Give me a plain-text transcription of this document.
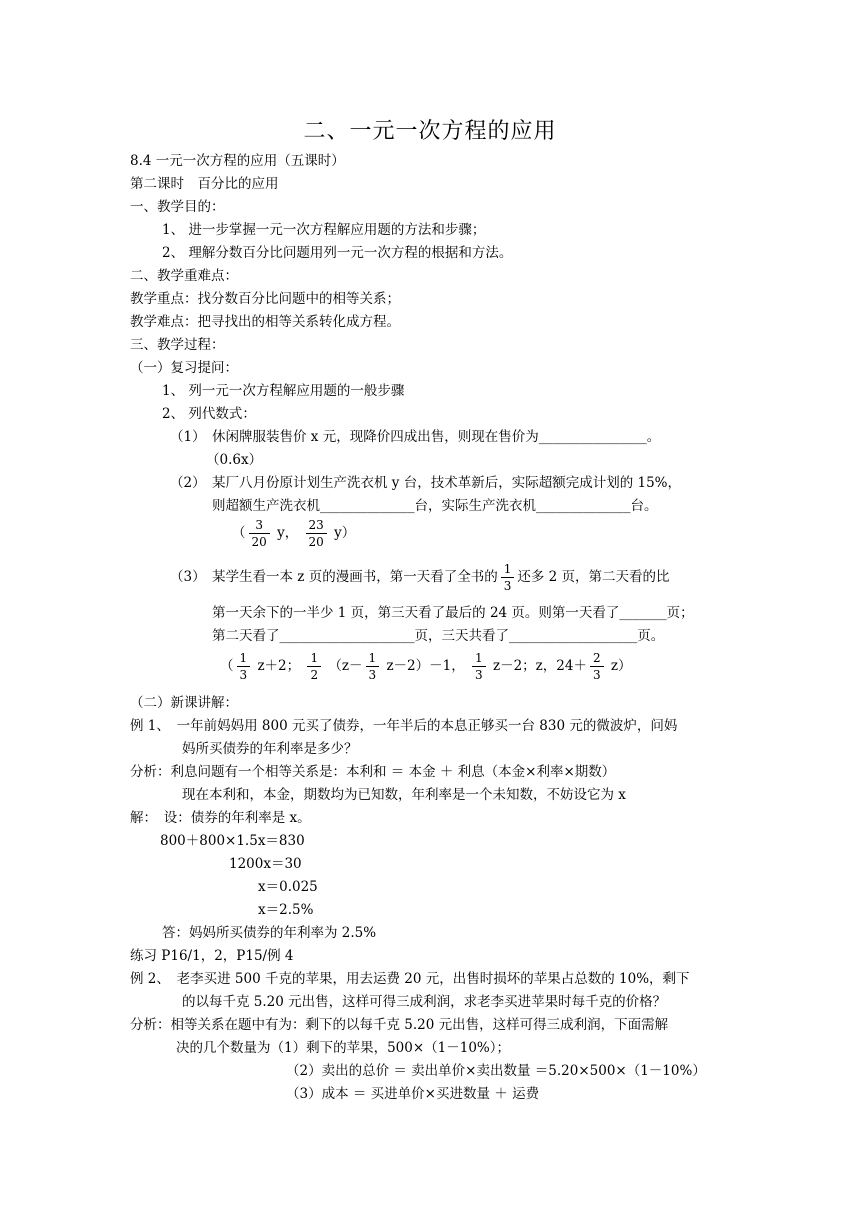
二、一元一次方程的应用
8.4 一元一次方程的应用（五课时）
第二课时　百分比的应用
一、教学目的：
1、 进一步掌握一元一次方程解应用题的方法和步骤；
2、 理解分数百分比问题用列一元一次方程的根据和方法。
二、教学重难点：
教学重点：找分数百分比问题中的相等关系；
教学难点：把寻找出的相等关系转化成方程。
三、教学过程：
（一）复习提问：
1、 列一元一次方程解应用题的一般步骤
2、 列代数式：
（1） 休闲牌服装售价 x 元，现降价四成出售，则现在售价为________________。
（0.6x）
（2） 某厂八月份原计划生产洗衣机 y 台，技术革新后，实际超额完成计划的 15%，
则超额生产洗衣机______________台，实际生产洗衣机______________台。
（ $\frac{3}{20}$ y， $\frac{23}{20} y$）
（3） 某学生看一本 z 页的漫画书，第一天看了全书的 $\frac{1}{3}$ 还多 2 页，第二天看的比
第一天余下的一半少 1 页，第三天看了最后的 24 页。则第一天看了_______页；
第二天看了____________________页，三天共看了___________________页。
（ $\frac{1}{3} z+2$； $\frac{1}{2} (z- \frac{1}{3} z-2)-1$， $\frac{1}{3} z-2$；z，$24+ \frac{2}{3} z$）
（二）新课讲解：
例 1、　一年前妈妈用 800 元买了债券，一年半后的本息正够买一台 830 元的微波炉，问妈
妈所买债券的年利率是多少？
分析：利息问题有一个相等关系是：本利和 ＝ 本金 ＋ 利息（本金×利率×期数）
现在本利和，本金，期数均为已知数，年利率是一个未知数，不妨设它为 x
解：　设：债券的年利率是 x。
800＋800×1.5x＝830
1200x＝30
x＝0.025
x＝2.5%
答：妈妈所买债券的年利率为 2.5%
练习 P16/1，2，P15/例 4
例 2、　老李买进 500 千克的苹果，用去运费 20 元，出售时损坏的苹果占总数的 10%，剩下
的以每千克 5.20 元出售，这样可得三成利润，求老李买进苹果时每千克的价格？
分析：相等关系在题中有为：剩下的以每千克 5.20 元出售，这样可得三成利润，下面需解
决的几个数量为（1）剩下的苹果，500×（1－10%）；
（2）卖出的总价 ＝ 卖出单价×卖出数量 ＝5.20×500×（1－10%）
（3）成本 ＝ 买进单价×买进数量 ＋ 运费
